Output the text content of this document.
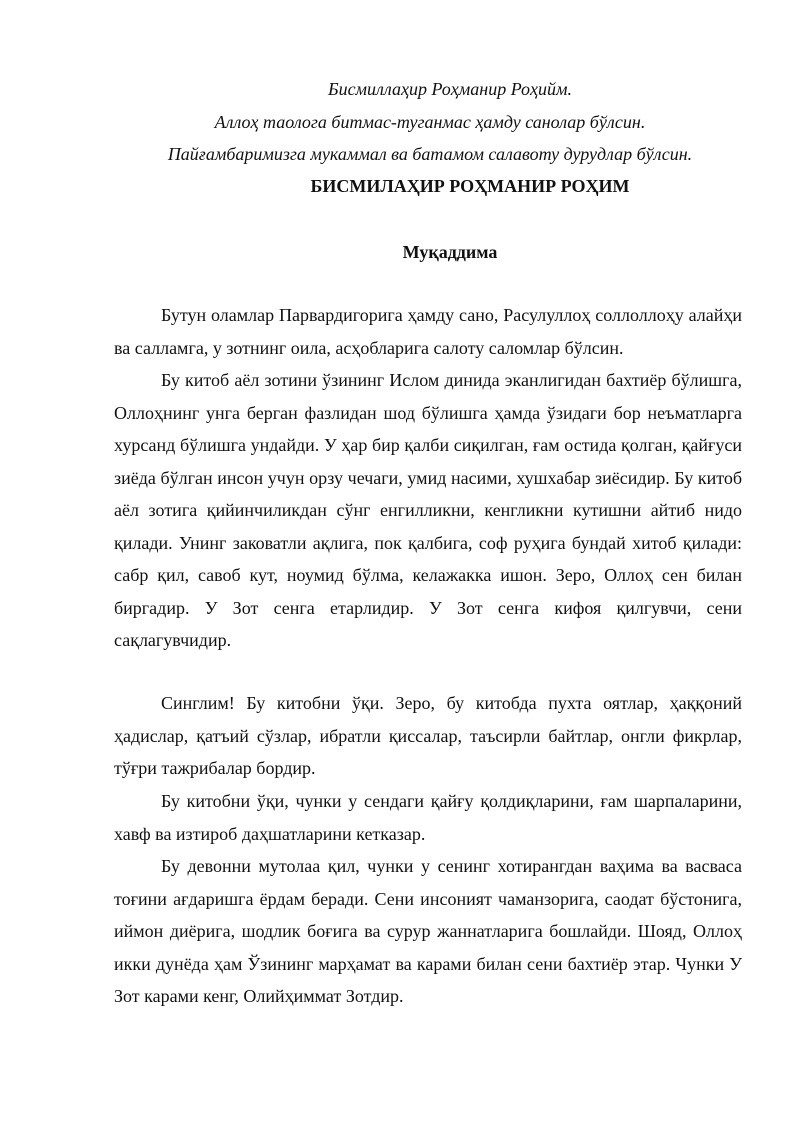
Бисмиллаҳир Роҳманир Роҳийм.
Аллоҳ таолога битмас-туганмас ҳамду санолар бўлсин.
Пайғамбаримизга мукаммал ва батамом салавоту дурудлар бўлсин.
БИСМИЛАҲИР РОҲМАНИР РОҲИМ
Муқаддима

Бутун оламлар Парвардигорига ҳамду сано, Расулуллоҳ соллоллоҳу алайҳи ва салламга, у зотнинг оила, асҳобларига салоту саломлар бўлсин.

Бу китоб аёл зотини ўзининг Ислом динида эканлигидан бахтиёр бўлишга, Оллоҳнинг унга берган фазлидан шод бўлишга ҳамда ўзидаги бор неъматларга хурсанд бўлишга ундайди. У ҳар бир қалби сиқилган, ғам остида қолган, қайғуси зиёда бўлган инсон учун орзу чечаги, умид насими, хушхабар зиёсидир. Бу китоб аёл зотига қийинчиликдан сўнг енгилликни, кенгликни кутишни айтиб нидо қилади. Унинг заковатли ақлига, пок қалбига, соф руҳига бундай хитоб қилади: сабр қил, савоб кут, ноумид бўлма, келажакка ишон. Зеро, Оллоҳ сен билан биргадир. У Зот сенга етарлидир. У Зот сенга кифоя қилгувчи, сени сақлагувчидир.

Синглим! Бу китобни ўқи. Зеро, бу китобда пухта оятлар, ҳаққоний ҳадислар, қатъий сўзлар, ибратли қиссалар, таъсирли байтлар, онгли фикрлар, тўғри тажрибалар бордир.

Бу китобни ўқи, чунки у сендаги қайғу қолдиқларини, ғам шарпаларини, хавф ва изтироб даҳшатларини кетказар.

Бу девонни мутолаа қил, чунки у сенинг хотирангдан ваҳима ва васваса тоғини ағдаришга ёрдам беради. Сени инсоният чаманзорига, саодат бўстонига, иймон диёрига, шодлик боғига ва сурур жаннатларига бошлайди. Шояд, Оллоҳ икки дунёда ҳам Ўзининг марҳамат ва карами билан сени бахтиёр этар. Чунки У Зот карами кенг, Олийҳиммат Зотдир.
